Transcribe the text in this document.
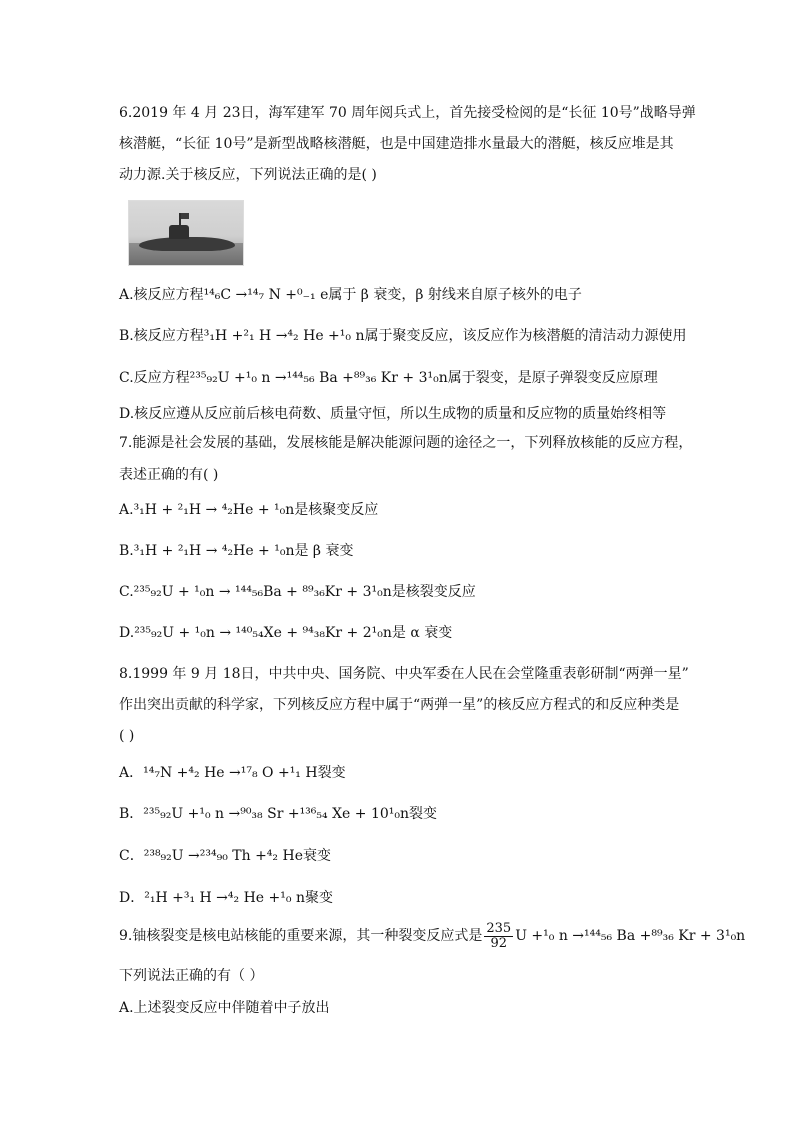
6.2019 年 4 月 23日，海军建军 70 周年阅兵式上，首先接受检阅的是“长征 10号”战略导弹
核潜艇，“长征 10号”是新型战略核潜艇，也是中国建造排水量最大的潜艇，核反应堆是其
动力源.关于核反应，下列说法正确的是( )
A.核反应方程¹⁴₆C →¹⁴₇ N +⁰₋₁ e属于 β 衰变，β 射线来自原子核外的电子
B.核反应方程³₁H +²₁ H →⁴₂ He +¹₀ n属于聚变反应，该反应作为核潜艇的清洁动力源使用
C.反应方程²³⁵₉₂U +¹₀ n →¹⁴⁴₅₆ Ba +⁸⁹₃₆ Kr + 3¹₀n属于裂变，是原子弹裂变反应原理
D.核反应遵从反应前后核电荷数、质量守恒，所以生成物的质量和反应物的质量始终相等
7.能源是社会发展的基础，发展核能是解决能源问题的途径之一，下列释放核能的反应方程，
表述正确的有( )
A.³₁H + ²₁H → ⁴₂He + ¹₀n是核聚变反应
B.³₁H + ²₁H → ⁴₂He + ¹₀n是 β 衰变
C.²³⁵₉₂U + ¹₀n → ¹⁴⁴₅₆Ba + ⁸⁹₃₆Kr + 3¹₀n是核裂变反应
D.²³⁵₉₂U + ¹₀n → ¹⁴⁰₅₄Xe + ⁹⁴₃₈Kr + 2¹₀n是 α 衰变
8.1999 年 9 月 18日，中共中央、国务院、中央军委在人民在会堂隆重表彰研制“两弹一星”
作出突出贡献的科学家，下列核反应方程中属于“两弹一星”的核反应方程式的和反应种类是
( )
A．¹⁴₇N +⁴₂ He →¹⁷₈ O +¹₁ H裂变
B．²³⁵₉₂U +¹₀ n →⁹⁰₃₈ Sr +¹³⁶₅₄ Xe + 10¹₀n裂变
C．²³⁸₉₂U →²³⁴₉₀ Th +⁴₂ He衰变
D．²₁H +³₁ H →⁴₂ He +¹₀ n聚变
9.铀核裂变是核电站核能的重要来源，其一种裂变反应式是 $\frac{235}{92}$ U +¹₀ n →¹⁴⁴₅₆ Ba +⁸⁹₃₆ Kr + 3¹₀n
下列说法正确的有（ ）
A.上述裂变反应中伴随着中子放出
